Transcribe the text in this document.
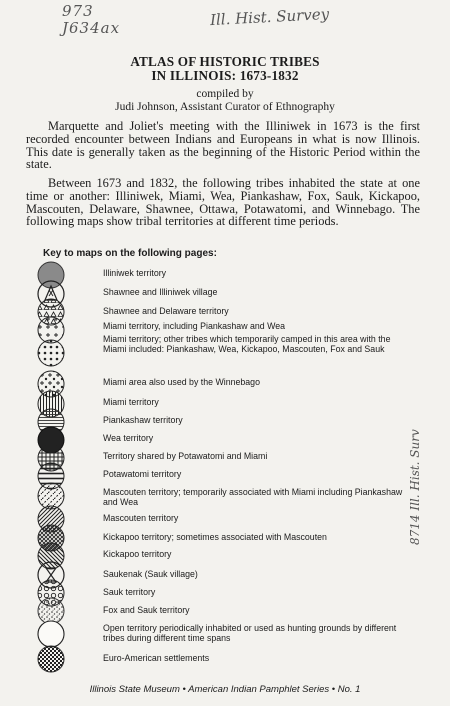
973
J634ax	Ill. Hist. Survey
8714 Ill. Hist. Surv
ATLAS OF HISTORIC TRIBES
IN ILLINOIS: 1673-1832
compiled by
Judi Johnson, Assistant Curator of Ethnography
Marquette and Joliet's meeting with the Illiniwek in 1673 is the first recorded encounter between Indians and Europeans in what is now Illinois. This date is generally taken as the beginning of the Historic Period within the state.
Between 1673 and 1832, the following tribes inhabited the state at one time or another: Illiniwek, Miami, Wea, Piankashaw, Fox, Sauk, Kickapoo, Mascouten, Delaware, Shawnee, Ottawa, Potawatomi, and Winnebago. The following maps show tribal territories at different time periods.
Key to maps on the following pages:
Illiniwek territory
Shawnee and Illiniwek village
Shawnee and Delaware territory
Miami territory, including Piankashaw and Wea
Miami territory; other tribes which temporarily camped in this area with the Miami included: Piankashaw, Wea, Kickapoo, Mascouten, Fox and Sauk
Miami area also used by the Winnebago
Miami territory
Piankashaw territory
Wea territory
Territory shared by Potawatomi and Miami
Potawatomi territory
Mascouten territory; temporarily associated with Miami including Piankashaw and Wea
Mascouten territory
Kickapoo territory; sometimes associated with Mascouten
Kickapoo territory
Saukenak (Sauk village)
Sauk territory
Fox and Sauk territory
Open territory periodically inhabited or used as hunting grounds by different tribes during different time spans
Euro-American settlements
Illinois State Museum • American Indian Pamphlet Series • No. 1
